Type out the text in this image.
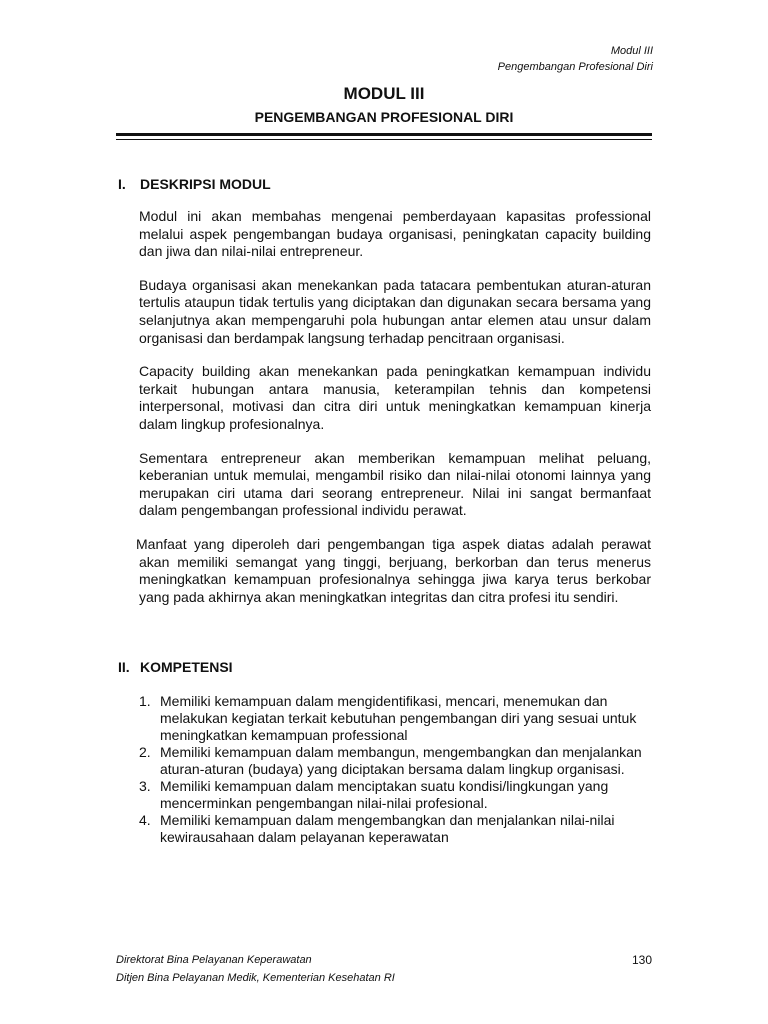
Modul III
Pengembangan Profesional Diri
MODUL III
PENGEMBANGAN PROFESIONAL DIRI
I. DESKRIPSI MODUL

Modul ini akan membahas mengenai pemberdayaan kapasitas professional melalui aspek pengembangan budaya organisasi, peningkatan capacity building dan jiwa dan nilai-nilai entrepreneur.

Budaya organisasi akan menekankan pada tatacara pembentukan aturan-aturan tertulis ataupun tidak tertulis yang diciptakan dan digunakan secara bersama yang selanjutnya akan mempengaruhi pola hubungan antar elemen atau unsur dalam organisasi dan berdampak langsung terhadap pencitraan organisasi.

Capacity building akan menekankan pada peningkatkan kemampuan individu terkait hubungan antara manusia, keterampilan tehnis dan kompetensi interpersonal, motivasi dan citra diri untuk meningkatkan kemampuan kinerja dalam lingkup profesionalnya.

Sementara entrepreneur akan memberikan kemampuan melihat peluang, keberanian untuk memulai, mengambil risiko dan nilai-nilai otonomi lainnya yang merupakan ciri utama dari seorang entrepreneur. Nilai ini sangat bermanfaat dalam pengembangan professional individu perawat.

Manfaat yang diperoleh dari pengembangan tiga aspek diatas adalah perawat akan memiliki semangat yang tinggi, berjuang, berkorban dan terus menerus meningkatkan kemampuan profesionalnya sehingga jiwa karya terus berkobar yang pada akhirnya akan meningkatkan integritas dan citra profesi itu sendiri.

II. KOMPETENSI
1. Memiliki kemampuan dalam mengidentifikasi, mencari, menemukan dan melakukan kegiatan terkait kebutuhan pengembangan diri yang sesuai untuk meningkatkan kemampuan professional
2. Memiliki kemampuan dalam membangun, mengembangkan dan menjalankan aturan-aturan (budaya) yang diciptakan bersama dalam lingkup organisasi.
3. Memiliki kemampuan dalam menciptakan suatu kondisi/lingkungan yang mencerminkan pengembangan nilai-nilai profesional.
4. Memiliki kemampuan dalam mengembangkan dan menjalankan nilai-nilai kewirausahaan dalam pelayanan keperawatan
Direktorat Bina Pelayanan Keperawatan
Ditjen Bina Pelayanan Medik, Kementerian Kesehatan RI
130
